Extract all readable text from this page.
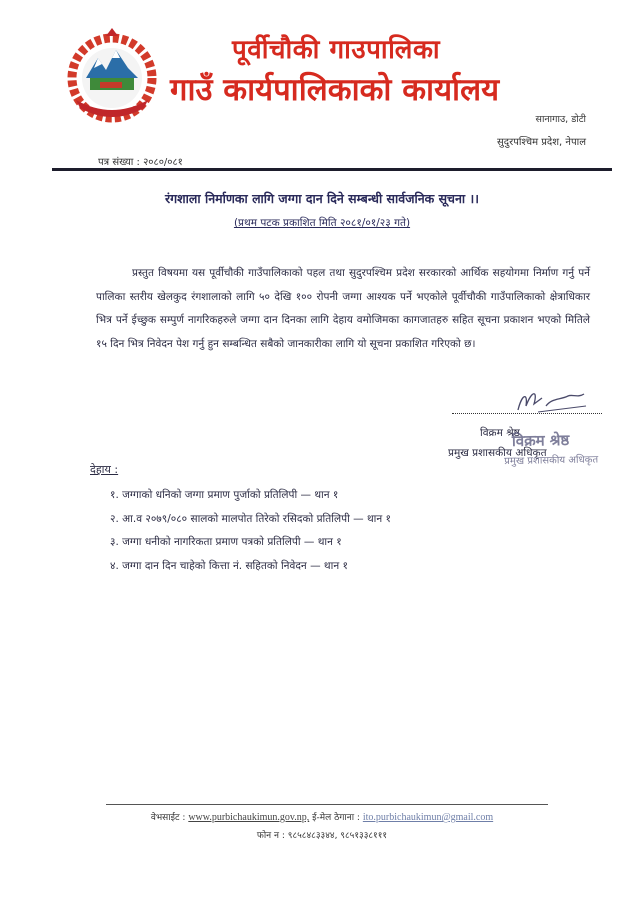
पूर्वीचौकी गाउपालिका
गाउँ कार्यपालिकाको कार्यालय
सानागाउ, डोटी
सुदुरपश्चिम प्रदेश, नेपाल
पत्र संख्या : २०८०/०८१
रंगशाला निर्माणका लागि जग्गा दान दिने सम्बन्धी सार्वजनिक सूचना ।।
(प्रथम पटक प्रकाशित मिति २०८१/०१/२३ गते)
प्रस्तुत विषयमा यस पूर्वीचौकी गाउँपालिकाको पहल तथा सुदुरपश्चिम प्रदेश सरकारको आर्थिक सहयोगमा निर्माण गर्नु पर्ने पालिका स्तरीय खेलकुद रंगशालाको लागि ५० देखि १०० रोपनी जग्गा आश्यक पर्ने भएकोले पूर्वीचौकी गाउँपालिकाको क्षेत्राधिकार भित्र पर्ने ईच्छुक सम्पुर्ण नागरिकहरुले जग्गा दान दिनका लागि देहाय वमोजिमका कागजातहरु सहित सूचना प्रकाशन भएको मितिले १५ दिन भित्र निवेदन पेश गर्नु हुन सम्बन्धित सबैको जानकारीका लागि यो सूचना प्रकाशित गरिएको छ।
विक्रम श्रेष्ठ
प्रमुख प्रशासकीय अधिकृत
विक्रम श्रेष्ठ
प्रमुख प्रशासकीय अधिकृत
देहाय :
१. जग्गाको धनिको जग्गा प्रमाण पुर्जाको प्रतिलिपी — थान १
२. आ.व २०७९/०८० सालको मालपोत तिरेको रसिदको प्रतिलिपी — थान १
३. जग्गा धनीको नागरिकता प्रमाण पत्रको प्रतिलिपी — थान १
४. जग्गा दान दिन चाहेको कित्ता नं. सहितको निवेदन — थान १
वेभसाईट : www.purbichaukimun.gov.np, ई-मेल ठेगाना : ito.purbichaukimun@gmail.com
फोन न : ९८५८४८३३४४, ९८५१३३८१११
